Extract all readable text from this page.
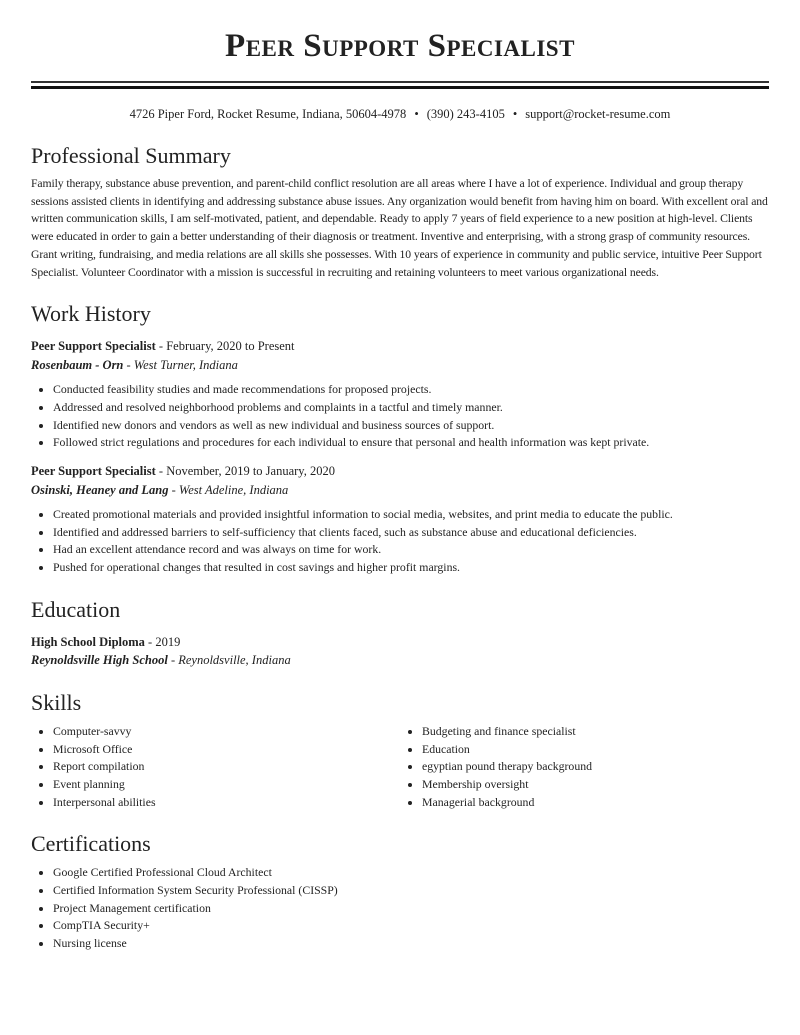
Peer Support Specialist
4726 Piper Ford, Rocket Resume, Indiana, 50604-4978 • (390) 243-4105 • support@rocket-resume.com
Professional Summary

Family therapy, substance abuse prevention, and parent-child conflict resolution are all areas where I have a lot of experience. Individual and group therapy sessions assisted clients in identifying and addressing substance abuse issues. Any organization would benefit from having him on board. With excellent oral and written communication skills, I am self-motivated, patient, and dependable. Ready to apply 7 years of field experience to a new position at high-level. Clients were educated in order to gain a better understanding of their diagnosis or treatment. Inventive and enterprising, with a strong grasp of community resources. Grant writing, fundraising, and media relations are all skills she possesses. With 10 years of experience in community and public service, intuitive Peer Support Specialist. Volunteer Coordinator with a mission is successful in recruiting and retaining volunteers to meet various organizational needs.

Work History
Peer Support Specialist - February, 2020 to Present
Rosenbaum - Orn - West Turner, Indiana
• Conducted feasibility studies and made recommendations for proposed projects.
• Addressed and resolved neighborhood problems and complaints in a tactful and timely manner.
• Identified new donors and vendors as well as new individual and business sources of support.
• Followed strict regulations and procedures for each individual to ensure that personal and health information was kept private.
Peer Support Specialist - November, 2019 to January, 2020
Osinski, Heaney and Lang - West Adeline, Indiana
• Created promotional materials and provided insightful information to social media, websites, and print media to educate the public.
• Identified and addressed barriers to self-sufficiency that clients faced, such as substance abuse and educational deficiencies.
• Had an excellent attendance record and was always on time for work.
• Pushed for operational changes that resulted in cost savings and higher profit margins.
Education
High School Diploma - 2019
Reynoldsville High School - Reynoldsville, Indiana
Skills
• Computer-savvy
• Microsoft Office
• Report compilation
• Event planning
• Interpersonal abilities
• Budgeting and finance specialist
• Education
• egyptian pound therapy background
• Membership oversight
• Managerial background
Certifications
• Google Certified Professional Cloud Architect
• Certified Information System Security Professional (CISSP)
• Project Management certification
• CompTIA Security+
• Nursing license
